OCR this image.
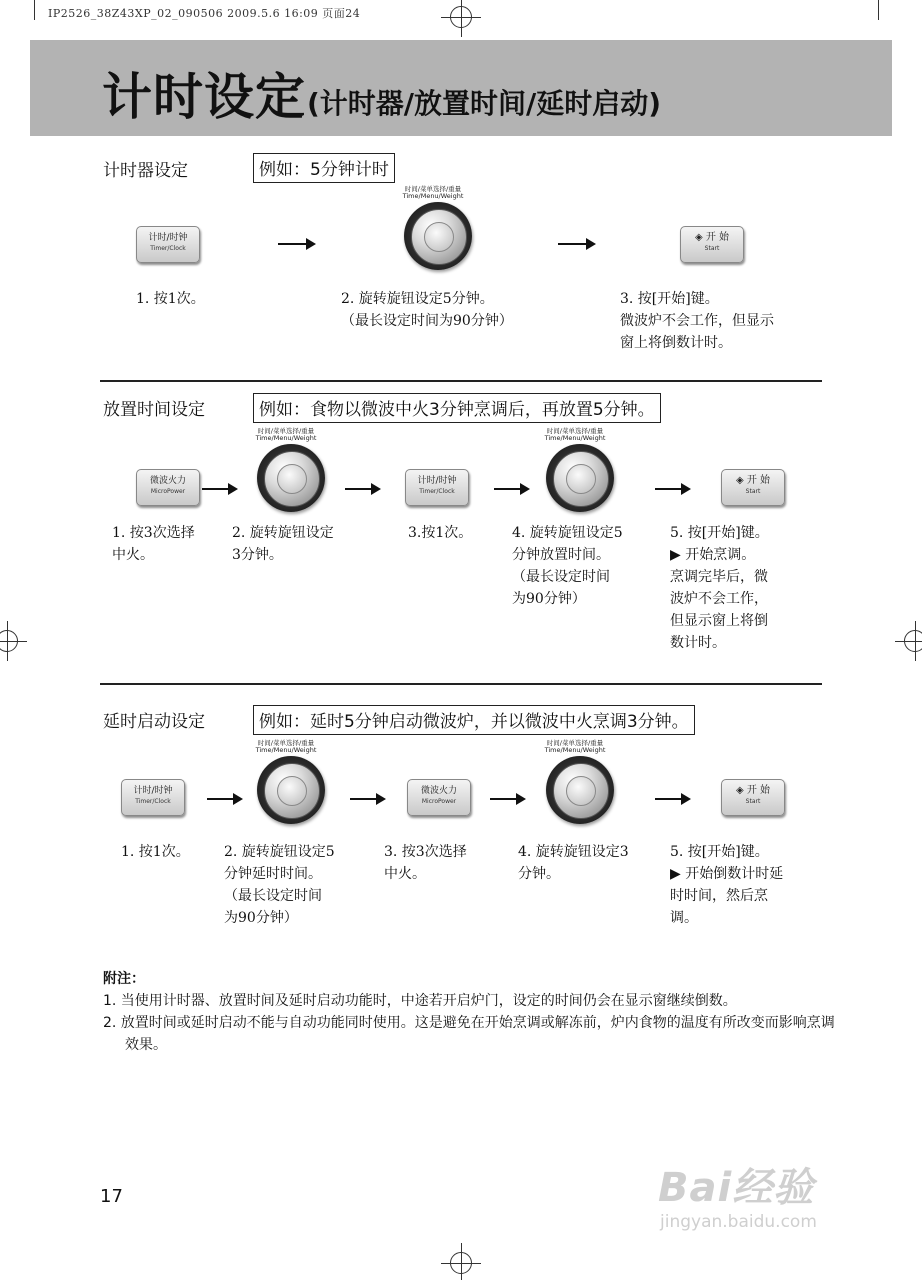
IP2526_38Z43XP_02_090506 2009.5.6 16:09 页面24
计时设定 (计时器/放置时间/延时启动)
计时器设定	例如：5分钟计时
计时/时钟
Timer/Clock
时间/菜单选择/重量
Time/Menu/Weight
◈ 开 始
Start
1. 按1次。	2. 旋转旋钮设定5分钟。
（最长设定时间为90分钟）
3. 按[开始]键。
微波炉不会工作，但显示
窗上将倒数计时。
放置时间设定	例如：食物以微波中火3分钟烹调后，再放置5分钟。
微波火力
MicroPower
时间/菜单选择/重量
Time/Menu/Weight
计时/时钟
Timer/Clock
时间/菜单选择/重量
Time/Menu/Weight
◈ 开 始
Start
1. 按3次选择
中火。
2. 旋转旋钮设定
3分钟。
3.按1次。	4. 旋转旋钮设定5
分钟放置时间。
（最长设定时间
为90分钟）
5. 按[开始]键。
▶ 开始烹调。
烹调完毕后，微
波炉不会工作，
但显示窗上将倒
数计时。
延时启动设定	例如：延时5分钟启动微波炉，并以微波中火烹调3分钟。
计时/时钟
Timer/Clock
时间/菜单选择/重量
Time/Menu/Weight
微波火力
MicroPower
时间/菜单选择/重量
Time/Menu/Weight
◈ 开 始
Start
1. 按1次。 2. 旋转旋钮设定5
分钟延时时间。
（最长设定时间
为90分钟）
3. 按3次选择
中火。
4. 旋转旋钮设定3
分钟。
5. 按[开始]键。
▶ 开始倒数计时延
时时间，然后烹
调。
附注：
1. 当使用计时器、放置时间及延时启动功能时，中途若开启炉门，设定的时间仍会在显示窗继续倒数。
2. 放置时间或延时启动不能与自动功能同时使用。这是避免在开始烹调或解冻前，炉内食物的温度有所改变而影响烹调效果。
17	Bai经验
jingyan.baidu.com
